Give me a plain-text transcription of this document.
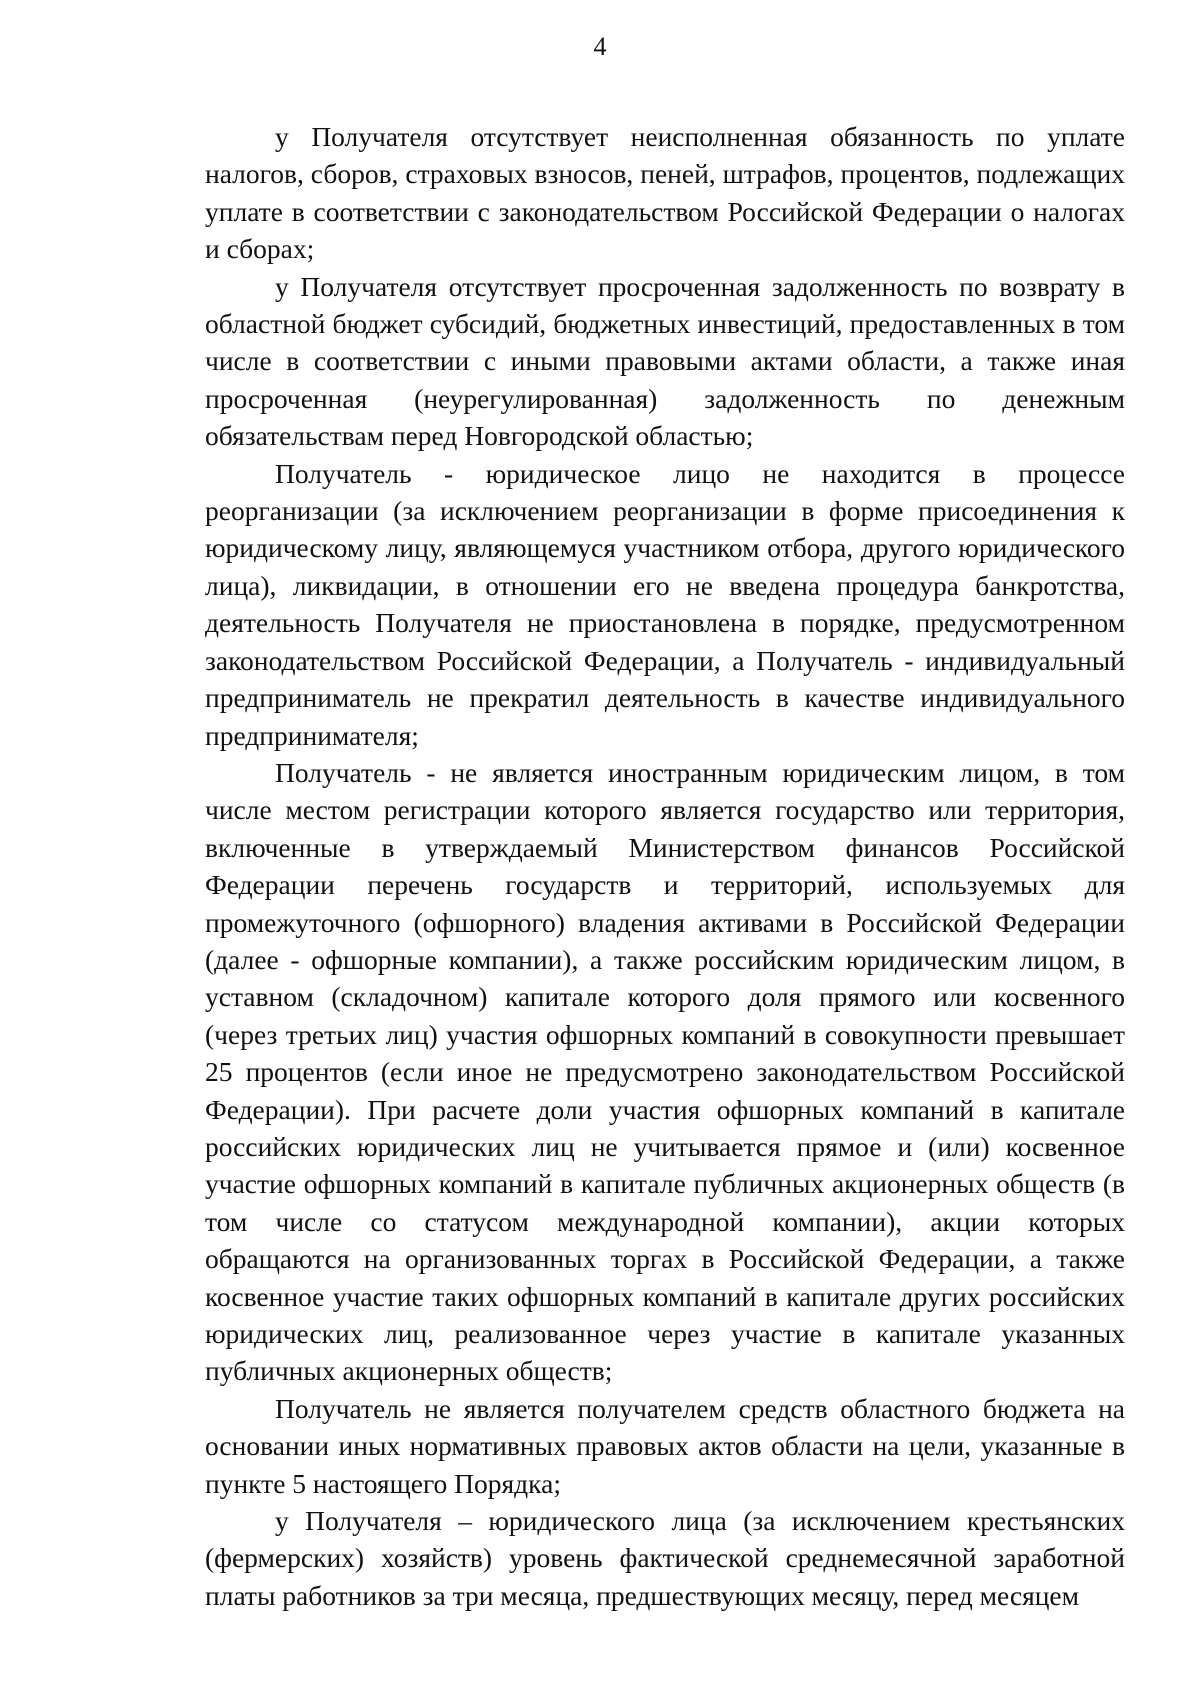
4

у Получателя отсутствует неисполненная обязанность по уплате налогов, сборов, страховых взносов, пеней, штрафов, процентов, подлежащих уплате в соответствии с законодательством Российской Федерации о налогах и сборах;

у Получателя отсутствует просроченная задолженность по возврату в областной бюджет субсидий, бюджетных инвестиций, предоставленных в том числе в соответствии с иными правовыми актами области, а также иная просроченная (неурегулированная) задолженность по денежным обязательствам перед Новгородской областью;

Получатель - юридическое лицо не находится в процессе реорганизации (за исключением реорганизации в форме присоединения к юридическому лицу, являющемуся участником отбора, другого юридического лица), ликвидации, в отношении его не введена процедура банкротства, деятельность Получателя не приостановлена в порядке, предусмотренном законодательством Российской Федерации, а Получатель - индивидуальный предприниматель не прекратил деятельность в качестве индивидуального предпринимателя;

Получатель - не является иностранным юридическим лицом, в том числе местом регистрации которого является государство или территория, включенные в утверждаемый Министерством финансов Российской Федерации перечень государств и территорий, используемых для промежуточного (офшорного) владения активами в Российской Федерации (далее - офшорные компании), а также российским юридическим лицом, в уставном (складочном) капитале которого доля прямого или косвенного (через третьих лиц) участия офшорных компаний в совокупности превышает 25 процентов (если иное не предусмотрено законодательством Российской Федерации). При расчете доли участия офшорных компаний в капитале российских юридических лиц не учитывается прямое и (или) косвенное участие офшорных компаний в капитале публичных акционерных обществ (в том числе со статусом международной компании), акции которых обращаются на организованных торгах в Российской Федерации, а также косвенное участие таких офшорных компаний в капитале других российских юридических лиц, реализованное через участие в капитале указанных публичных акционерных обществ;

Получатель не является получателем средств областного бюджета на основании иных нормативных правовых актов области на цели, указанные в пункте 5 настоящего Порядка;

у Получателя – юридического лица (за исключением крестьянских (фермерских) хозяйств) уровень фактической среднемесячной заработной платы работников за три месяца, предшествующих месяцу, перед месяцем
